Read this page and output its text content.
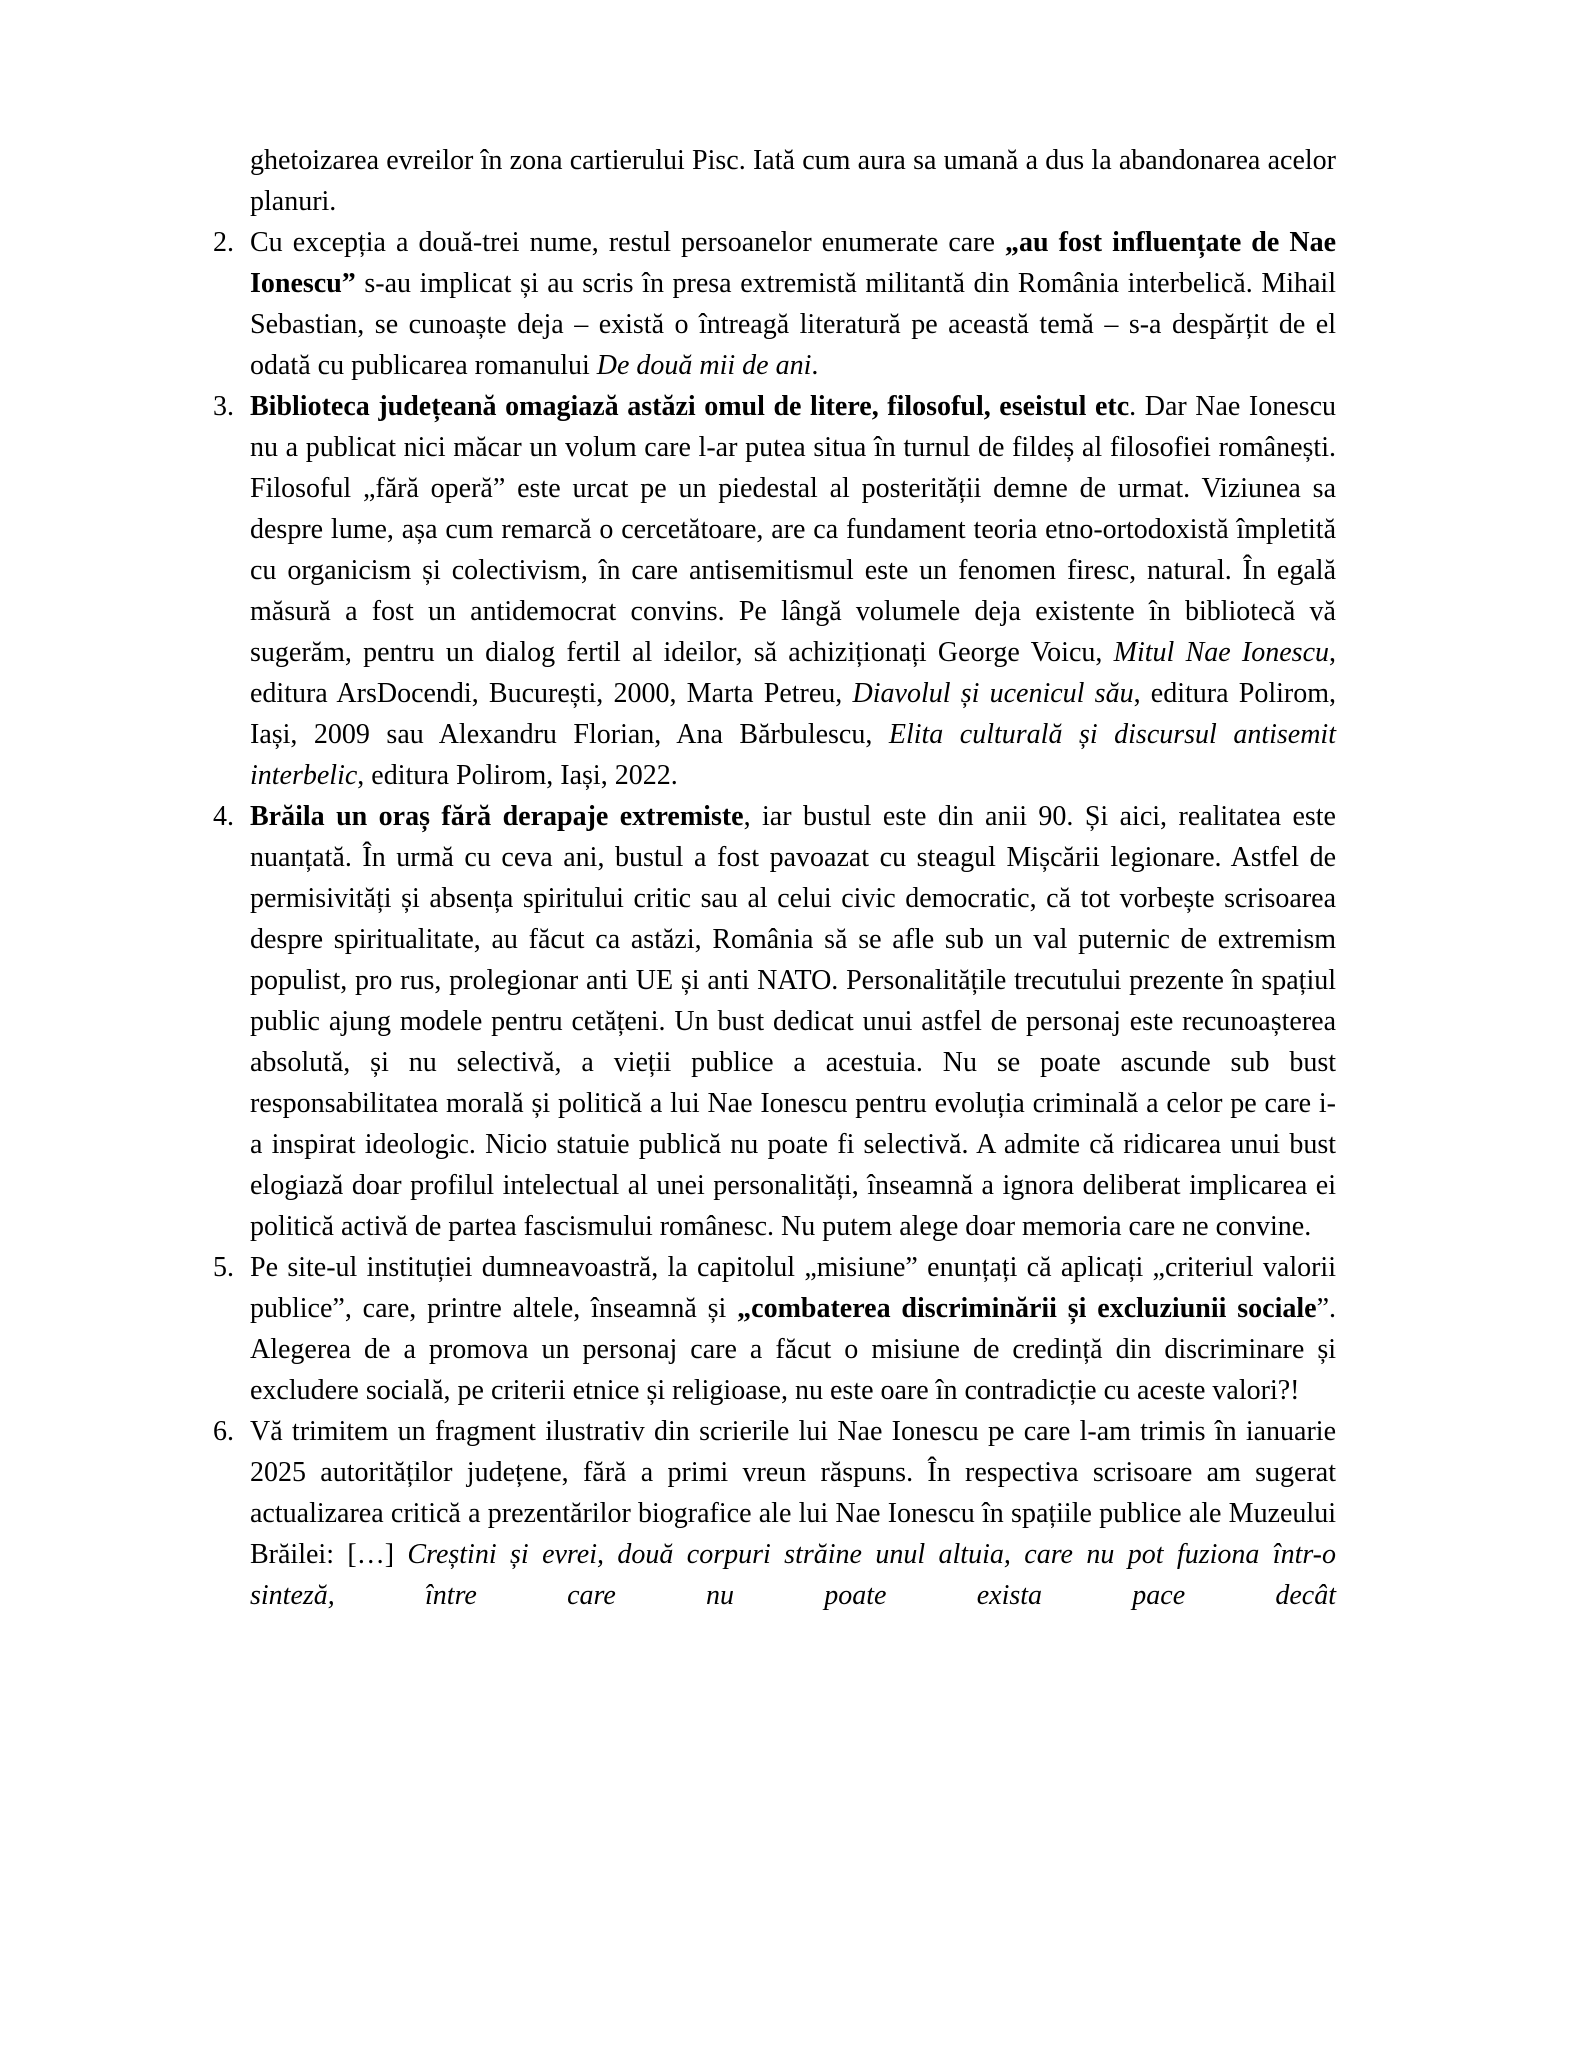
ghetoizarea evreilor în zona cartierului Pisc. Iată cum aura sa umană a dus la abandonarea acelor planuri.
2. Cu excepția a două-trei nume, restul persoanelor enumerate care „au fost influențate de Nae Ionescu” s-au implicat și au scris în presa extremistă militantă din România interbelică. Mihail Sebastian, se cunoaște deja – există o întreagă literatură pe această temă – s-a despărțit de el odată cu publicarea romanului De două mii de ani.
3. Biblioteca județeană omagiază astăzi omul de litere, filosoful, eseistul etc. Dar Nae Ionescu nu a publicat nici măcar un volum care l-ar putea situa în turnul de fildeș al filosofiei românești. Filosoful „fără operă” este urcat pe un piedestal al posterității demne de urmat. Viziunea sa despre lume, așa cum remarcă o cercetătoare, are ca fundament teoria etno-ortodoxistă împletită cu organicism și colectivism, în care antisemitismul este un fenomen firesc, natural. În egală măsură a fost un antidemocrat convins. Pe lângă volumele deja existente în bibliotecă vă sugerăm, pentru un dialog fertil al ideilor, să achiziționați George Voicu, Mitul Nae Ionescu, editura ArsDocendi, București, 2000, Marta Petreu, Diavolul și ucenicul său, editura Polirom, Iași, 2009 sau Alexandru Florian, Ana Bărbulescu, Elita culturală și discursul antisemit interbelic, editura Polirom, Iași, 2022.
4. Brăila un oraș fără derapaje extremiste, iar bustul este din anii 90. Și aici, realitatea este nuanțată. În urmă cu ceva ani, bustul a fost pavoazat cu steagul Mișcării legionare. Astfel de permisivități și absența spiritului critic sau al celui civic democratic, că tot vorbește scrisoarea despre spiritualitate, au făcut ca astăzi, România să se afle sub un val puternic de extremism populist, pro rus, prolegionar anti UE și anti NATO. Personalitățile trecutului prezente în spațiul public ajung modele pentru cetățeni. Un bust dedicat unui astfel de personaj este recunoașterea absolută, și nu selectivă, a vieții publice a acestuia. Nu se poate ascunde sub bust responsabilitatea morală și politică a lui Nae Ionescu pentru evoluția criminală a celor pe care i-a inspirat ideologic. Nicio statuie publică nu poate fi selectivă. A admite că ridicarea unui bust elogiază doar profilul intelectual al unei personalități, înseamnă a ignora deliberat implicarea ei politică activă de partea fascismului românesc. Nu putem alege doar memoria care ne convine.
5. Pe site-ul instituției dumneavoastră, la capitolul „misiune” enunțați că aplicați „criteriul valorii publice”, care, printre altele, înseamnă și „combaterea discriminării și excluziunii sociale”. Alegerea de a promova un personaj care a făcut o misiune de credință din discriminare și excludere socială, pe criterii etnice și religioase, nu este oare în contradicție cu aceste valori?!
6. Vă trimitem un fragment ilustrativ din scrierile lui Nae Ionescu pe care l-am trimis în ianuarie 2025 autorităților județene, fără a primi vreun răspuns. În respectiva scrisoare am sugerat actualizarea critică a prezentărilor biografice ale lui Nae Ionescu în spațiile publice ale Muzeului Brăilei: […] Creștini și evrei, două corpuri străine unul altuia, care nu pot fuziona într-o sinteză, între care nu poate exista pace decât
